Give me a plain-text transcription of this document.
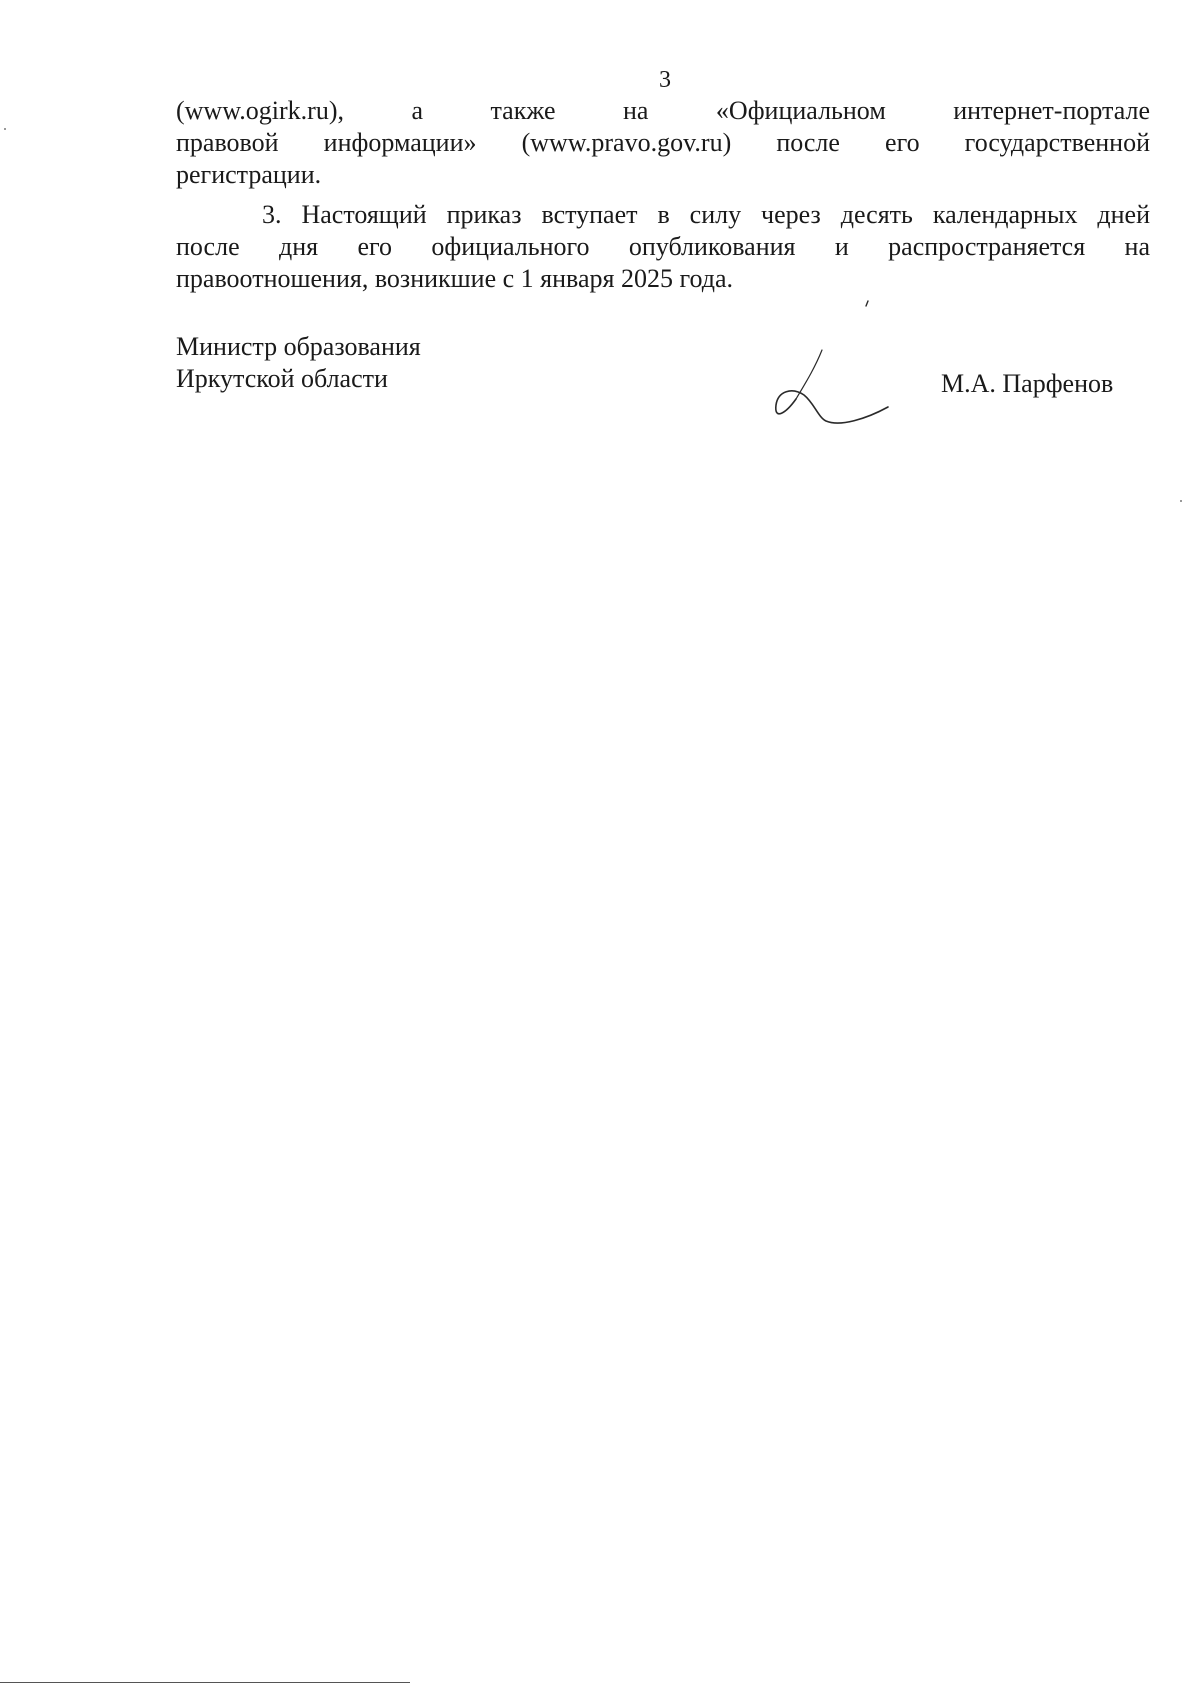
3

(www.ogirk.ru), а также на «Официальном интернет-портале
правовой информации» (www.pravo.gov.ru) после его государственной
регистрации.

3. Настоящий приказ вступает в силу через десять календарных дней
после дня его официального опубликования и распространяется на
правоотношения, возникшие с 1 января 2025 года.

Министр образования
Иркутской области	М.А. Парфенов
